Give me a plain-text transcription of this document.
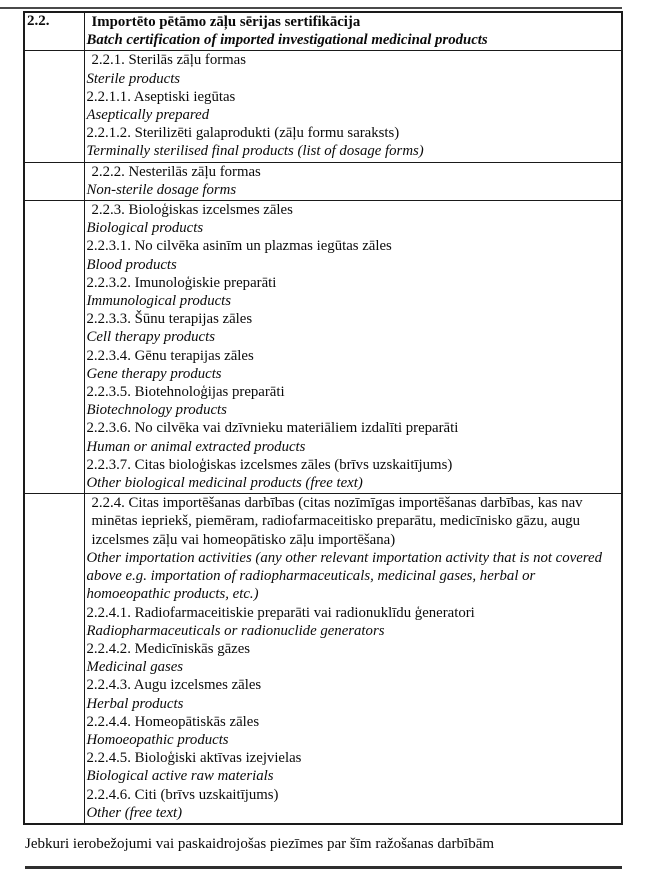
2.2.	Importēto pētāmo zāļu sērijas sertifikācija
Batch certification of imported investigational medicinal products

2.2.1. Sterilās zāļu formas
Sterile products
2.2.1.1. Aseptiski iegūtas
Aseptically prepared
2.2.1.2. Sterilizēti galaprodukti (zāļu formu saraksts)
Terminally sterilised final products (list of dosage forms)

	2.2.2. Nesterilās zāļu formas
Non-sterile dosage forms

2.2.3. Bioloģiskas izcelsmes zāles
Biological products
2.2.3.1. No cilvēka asinīm un plazmas iegūtas zāles
Blood products
2.2.3.2. Imunoloģiskie preparāti
Immunological products
2.2.3.3. Šūnu terapijas zāles
Cell therapy products
2.2.3.4. Gēnu terapijas zāles
Gene therapy products
2.2.3.5. Biotehnoloģijas preparāti
Biotechnology products
2.2.3.6. No cilvēka vai dzīvnieku materiāliem izdalīti preparāti
Human or animal extracted products
2.2.3.7. Citas bioloģiskas izcelsmes zāles (brīvs uzskaitījums)
Other biological medicinal products (free text)

2.2.4. Citas importēšanas darbības (citas nozīmīgas importēšanas darbības, kas nav minētas iepriekš, piemēram, radiofarmaceitisko preparātu, medicīnisko gāzu, augu izcelsmes zāļu vai homeopātisko zāļu importēšana)
Other importation activities (any other relevant importation activity that is not covered above e.g. importation of radiopharmaceuticals, medicinal gases, herbal or homoeopathic products, etc.)
2.2.4.1. Radiofarmaceitiskie preparāti vai radionuklīdu ģeneratori
Radiopharmaceuticals or radionuclide generators
2.2.4.2. Medicīniskās gāzes
Medicinal gases
2.2.4.3. Augu izcelsmes zāles
Herbal products
2.2.4.4. Homeopātiskās zāles
Homoeopathic products
2.2.4.5. Bioloģiski aktīvas izejvielas
Biological active raw materials
2.2.4.6. Citi (brīvs uzskaitījums)
Other (free text)
Jebkuri ierobežojumi vai paskaidrojošas piezīmes par šīm ražošanas darbībām
